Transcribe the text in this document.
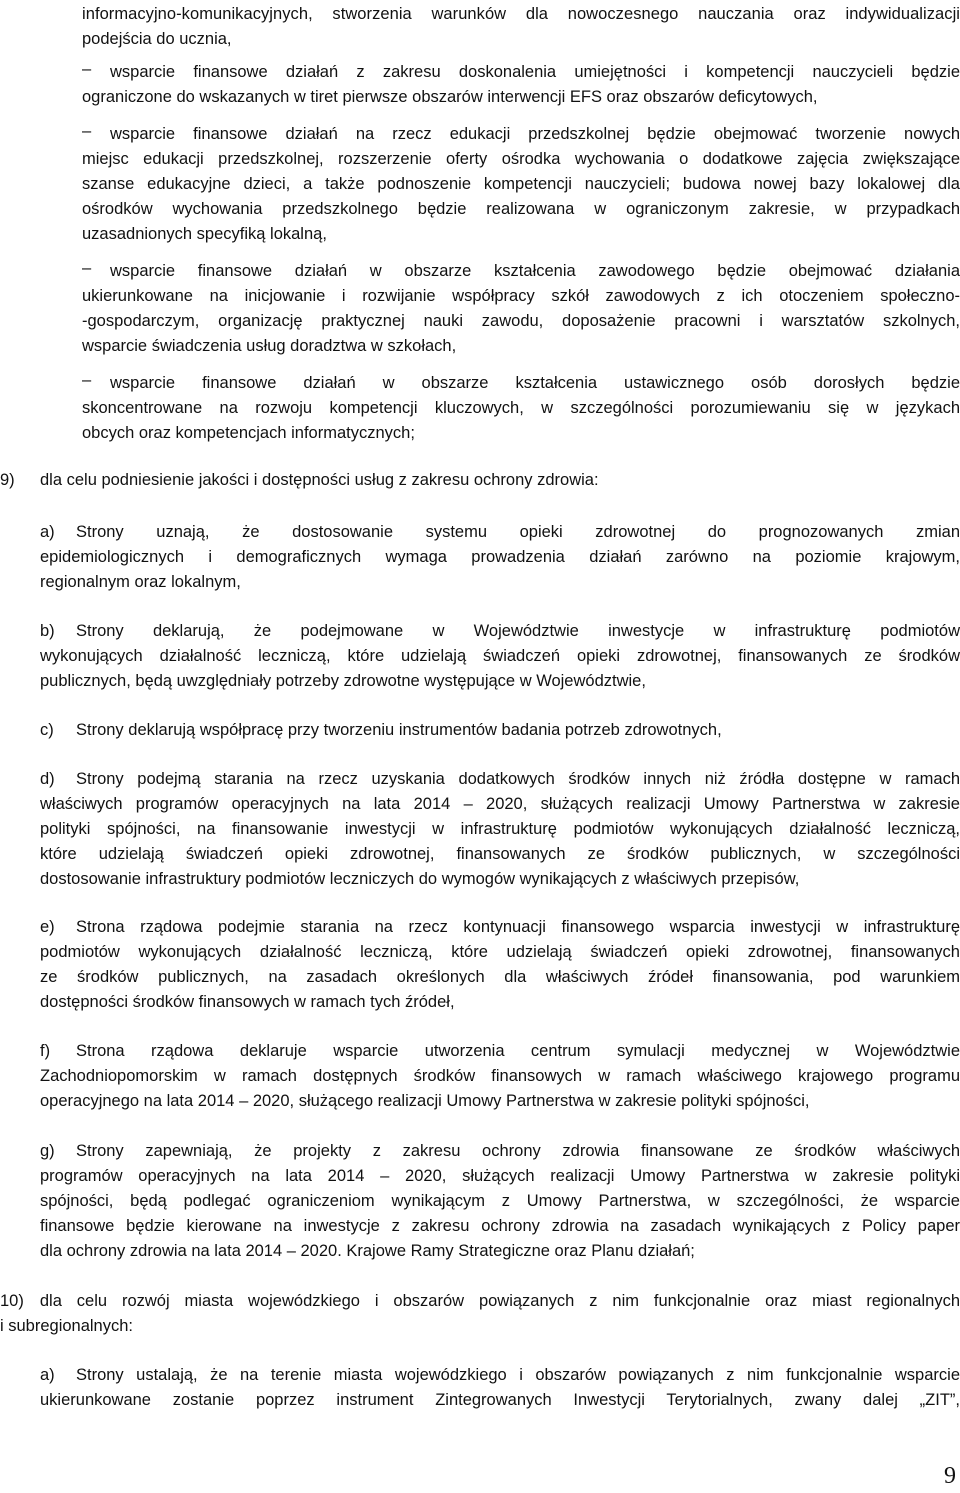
informacyjno-komunikacyjnych, stworzenia warunków dla nowoczesnego nauczania oraz indywidualizacji
podejścia do ucznia,
–	wsparcie finansowe działań z zakresu doskonalenia umiejętności i kompetencji nauczycieli będzie
ograniczone do wskazanych w tiret pierwsze obszarów interwencji EFS oraz obszarów deficytowych,
–	wsparcie finansowe działań na rzecz edukacji przedszkolnej będzie obejmować tworzenie nowych
miejsc edukacji przedszkolnej, rozszerzenie oferty ośrodka wychowania o dodatkowe zajęcia zwiększające
szanse edukacyjne dzieci, a także podnoszenie kompetencji nauczycieli; budowa nowej bazy lokalowej dla
ośrodków wychowania przedszkolnego będzie realizowana w ograniczonym zakresie, w przypadkach
uzasadnionych specyfiką lokalną,
–	wsparcie finansowe działań w obszarze kształcenia zawodowego będzie obejmować działania
ukierunkowane na inicjowanie i rozwijanie współpracy szkół zawodowych z ich otoczeniem społeczno-
-gospodarczym, organizację praktycznej nauki zawodu, doposażenie pracowni i warsztatów szkolnych,
wsparcie świadczenia usług doradztwa w szkołach,
–	wsparcie finansowe działań w obszarze kształcenia ustawicznego osób dorosłych będzie
skoncentrowane na rozwoju kompetencji kluczowych, w szczególności porozumiewaniu się w językach
obcych oraz kompetencjach informatycznych;
9) dla celu podniesienie jakości i dostępności usług z zakresu ochrony zdrowia:
a) Strony uznają, że dostosowanie systemu opieki zdrowotnej do prognozowanych zmian
epidemiologicznych i demograficznych wymaga prowadzenia działań zarówno na poziomie krajowym,
regionalnym oraz lokalnym,
b) Strony deklarują, że podejmowane w Województwie inwestycje w infrastrukturę podmiotów
wykonujących działalność leczniczą, które udzielają świadczeń opieki zdrowotnej, finansowanych ze środków
publicznych, będą uwzględniały potrzeby zdrowotne występujące w Województwie,
c) Strony deklarują współpracę przy tworzeniu instrumentów badania potrzeb zdrowotnych,
d) Strony podejmą starania na rzecz uzyskania dodatkowych środków innych niż źródła dostępne w ramach
właściwych programów operacyjnych na lata 2014 – 2020, służących realizacji Umowy Partnerstwa w zakresie
polityki spójności, na finansowanie inwestycji w infrastrukturę podmiotów wykonujących działalność leczniczą,
które udzielają świadczeń opieki zdrowotnej, finansowanych ze środków publicznych, w szczególności
dostosowanie infrastruktury podmiotów leczniczych do wymogów wynikających z właściwych przepisów,
e) Strona rządowa podejmie starania na rzecz kontynuacji finansowego wsparcia inwestycji w infrastrukturę
podmiotów wykonujących działalność leczniczą, które udzielają świadczeń opieki zdrowotnej, finansowanych
ze środków publicznych, na zasadach określonych dla właściwych źródeł finansowania, pod warunkiem
dostępności środków finansowych w ramach tych źródeł,
f) Strona rządowa deklaruje wsparcie utworzenia centrum symulacji medycznej w Województwie
Zachodniopomorskim w ramach dostępnych środków finansowych w ramach właściwego krajowego programu
operacyjnego na lata 2014 – 2020, służącego realizacji Umowy Partnerstwa w zakresie polityki spójności,
g) Strony zapewniają, że projekty z zakresu ochrony zdrowia finansowane ze środków właściwych
programów operacyjnych na lata 2014 – 2020, służących realizacji Umowy Partnerstwa w zakresie polityki
spójności, będą podlegać ograniczeniom wynikającym z Umowy Partnerstwa, w szczególności, że wsparcie
finansowe będzie kierowane na inwestycje z zakresu ochrony zdrowia na zasadach wynikających z Policy paper
dla ochrony zdrowia na lata 2014 – 2020. Krajowe Ramy Strategiczne oraz Planu działań;
10) dla celu rozwój miasta wojewódzkiego i obszarów powiązanych z nim funkcjonalnie oraz miast regionalnych
i subregionalnych:
a) Strony ustalają, że na terenie miasta wojewódzkiego i obszarów powiązanych z nim funkcjonalnie wsparcie
ukierunkowane zostanie poprzez instrument Zintegrowanych Inwestycji Terytorialnych, zwany dalej „ZIT”,
9
